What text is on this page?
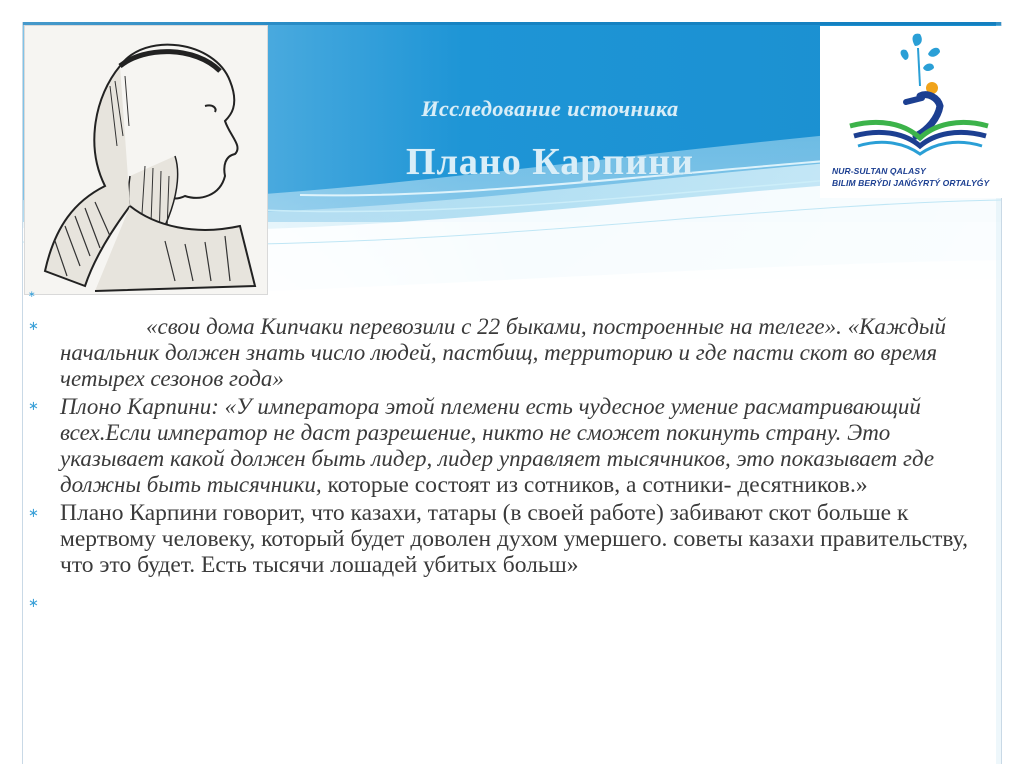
NUR-SULTAN QALASY
BILIM BERÝDI JAŃǴYRTÝ ORTALYǴY
Исследование источника
Плано Карпини
∗
∗	«свои дома Кипчаки перевозили с 22 быками, построенные на телеге». «Каждый начальник должен знать число людей, пастбищ, территорию и где пасти скот во время четырех сезонов года»
∗ Плоно Карпини: «У императора этой племени есть чудесное умение расматривающий всех.Если император не даст разрешение, никто не сможет покинуть страну. Это указывает какой должен быть лидер, лидер управляет тысячников, это показывает где должны быть тысячники, которые состоят из сотников, а сотники- десятников.»
∗ Плано Карпини говорит, что казахи, татары (в своей работе) забивают скот больше к мертвому человеку, который будет доволен духом умершего. советы казахи правительству, что это будет. Есть тысячи лошадей убитых больш»
∗
